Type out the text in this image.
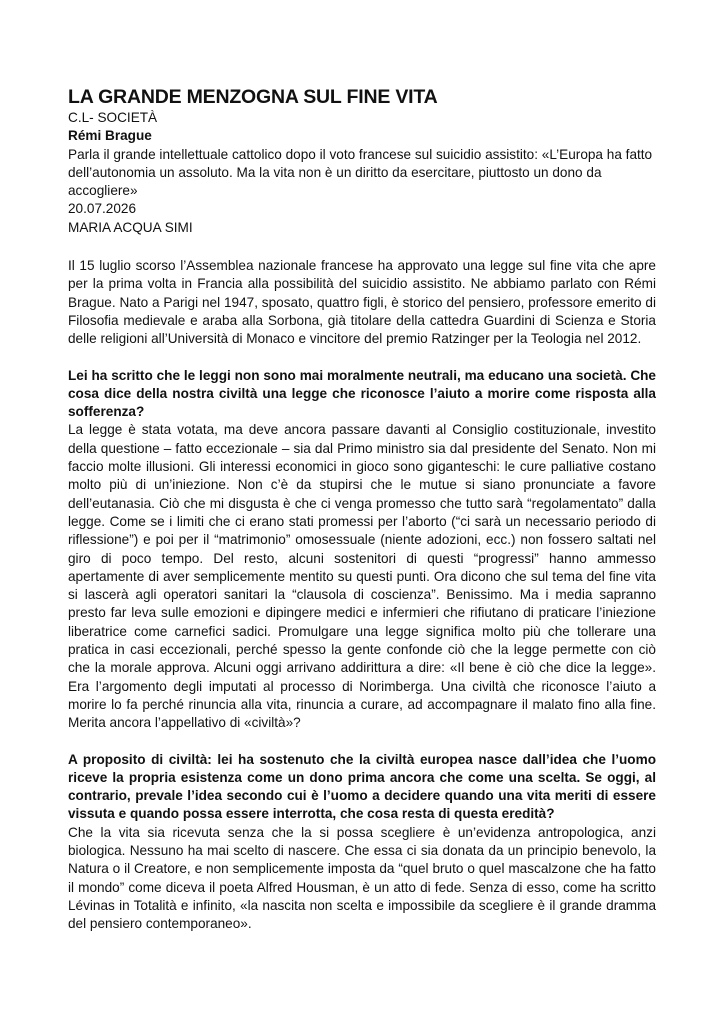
LA GRANDE MENZOGNA SUL FINE VITA

C.L- SOCIETÀ

Rémi Brague

Parla il grande intellettuale cattolico dopo il voto francese sul suicidio assistito: «L’Europa ha fatto dell’autonomia un assoluto. Ma la vita non è un diritto da esercitare, piuttosto un dono da accogliere»

20.07.2026

MARIA ACQUA SIMI

Il 15 luglio scorso l’Assemblea nazionale francese ha approvato una legge sul fine vita che apre per la prima volta in Francia alla possibilità del suicidio assistito. Ne abbiamo parlato con Rémi Brague. Nato a Parigi nel 1947, sposato, quattro figli, è storico del pensiero, professore emerito di Filosofia medievale e araba alla Sorbona, già titolare della cattedra Guardini di Scienza e Storia delle religioni all’Università di Monaco e vincitore del premio Ratzinger per la Teologia nel 2012.

Lei ha scritto che le leggi non sono mai moralmente neutrali, ma educano una società. Che cosa dice della nostra civiltà una legge che riconosce l’aiuto a morire come risposta alla sofferenza?

La legge è stata votata, ma deve ancora passare davanti al Consiglio costituzionale, investito della questione – fatto eccezionale – sia dal Primo ministro sia dal presidente del Senato. Non mi faccio molte illusioni. Gli interessi economici in gioco sono giganteschi: le cure palliative costano molto più di un’iniezione. Non c’è da stupirsi che le mutue si siano pronunciate a favore dell’eutanasia. Ciò che mi disgusta è che ci venga promesso che tutto sarà “regolamentato” dalla legge. Come se i limiti che ci erano stati promessi per l’aborto (“ci sarà un necessario periodo di riflessione”) e poi per il “matrimonio” omosessuale (niente adozioni, ecc.) non fossero saltati nel giro di poco tempo. Del resto, alcuni sostenitori di questi “progressi” hanno ammesso apertamente di aver semplicemente mentito su questi punti. Ora dicono che sul tema del fine vita si lascerà agli operatori sanitari la “clausola di coscienza”. Benissimo. Ma i media sapranno presto far leva sulle emozioni e dipingere medici e infermieri che rifiutano di praticare l’iniezione liberatrice come carnefici sadici. Promulgare una legge significa molto più che tollerare una pratica in casi eccezionali, perché spesso la gente confonde ciò che la legge permette con ciò che la morale approva. Alcuni oggi arrivano addirittura a dire: «Il bene è ciò che dice la legge». Era l’argomento degli imputati al processo di Norimberga. Una civiltà che riconosce l’aiuto a morire lo fa perché rinuncia alla vita, rinuncia a curare, ad accompagnare il malato fino alla fine. Merita ancora l’appellativo di «civiltà»?

A proposito di civiltà: lei ha sostenuto che la civiltà europea nasce dall’idea che l’uomo riceve la propria esistenza come un dono prima ancora che come una scelta. Se oggi, al contrario, prevale l’idea secondo cui è l’uomo a decidere quando una vita meriti di essere vissuta e quando possa essere interrotta, che cosa resta di questa eredità?

Che la vita sia ricevuta senza che la si possa scegliere è un’evidenza antropologica, anzi biologica. Nessuno ha mai scelto di nascere. Che essa ci sia donata da un principio benevolo, la Natura o il Creatore, e non semplicemente imposta da “quel bruto o quel mascalzone che ha fatto il mondo” come diceva il poeta Alfred Housman, è un atto di fede. Senza di esso, come ha scritto Lévinas in Totalità e infinito, «la nascita non scelta e impossibile da scegliere è il grande dramma del pensiero contemporaneo».
